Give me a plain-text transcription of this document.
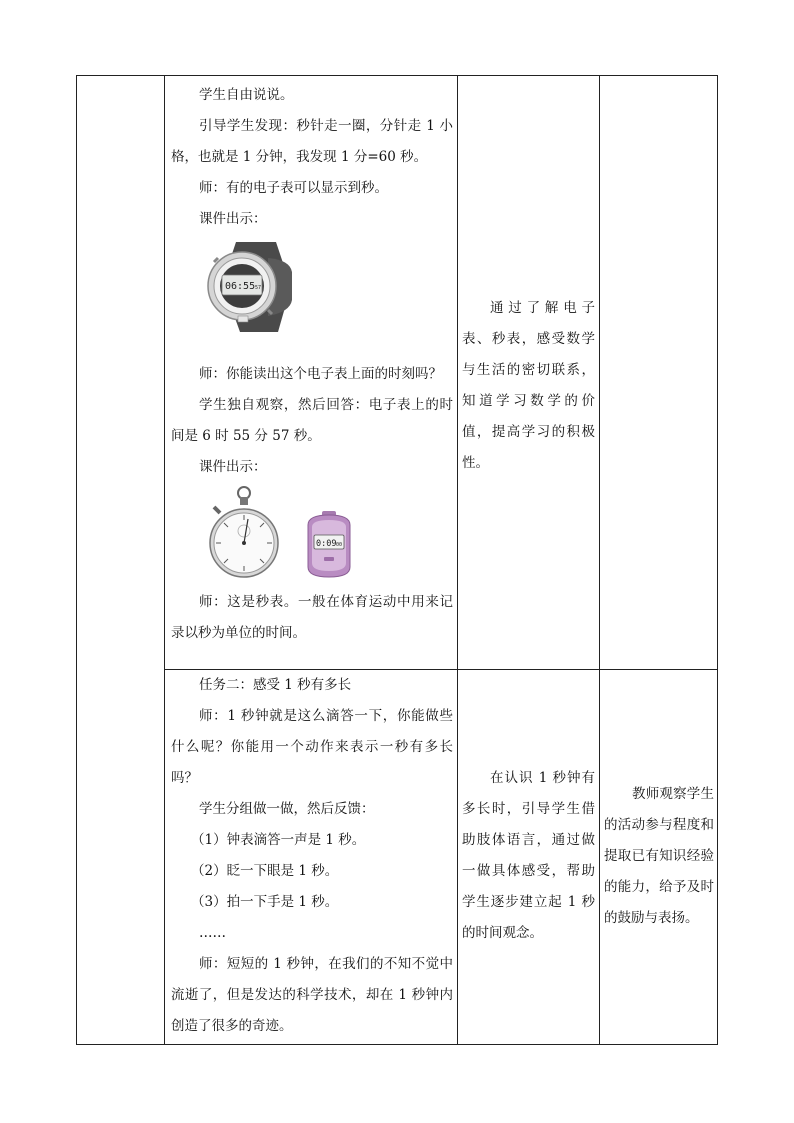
学生自由说说。

引导学生发现：秒针走一圈，分针走 1 小格，也就是 1 分钟，我发现 1 分=60 秒。

师：有的电子表可以显示到秒。

课件出示：

06:55 57

师：你能读出这个电子表上面的时刻吗？

学生独自观察，然后回答：电子表上的时间是 6 时 55 分 57 秒。

课件出示：

0:09 00

师：这是秒表。一般在体育运动中用来记录以秒为单位的时间。

通过了解电子表、秒表，感受数学与生活的密切联系，知道学习数学的价值，提高学习的积极性。

任务二：感受 1 秒有多长

师：1 秒钟就是这么滴答一下，你能做些什么呢？你能用一个动作来表示一秒有多长吗？

学生分组做一做，然后反馈：

（1）钟表滴答一声是 1 秒。

（2）眨一下眼是 1 秒。

（3）拍一下手是 1 秒。

……

师：短短的 1 秒钟，在我们的不知不觉中流逝了，但是发达的科学技术，却在 1 秒钟内创造了很多的奇迹。

在认识 1 秒钟有多长时，引导学生借助肢体语言，通过做一做具体感受，帮助学生逐步建立起 1 秒的时间观念。

教师观察学生的活动参与程度和提取已有知识经验的能力，给予及时的鼓励与表扬。
